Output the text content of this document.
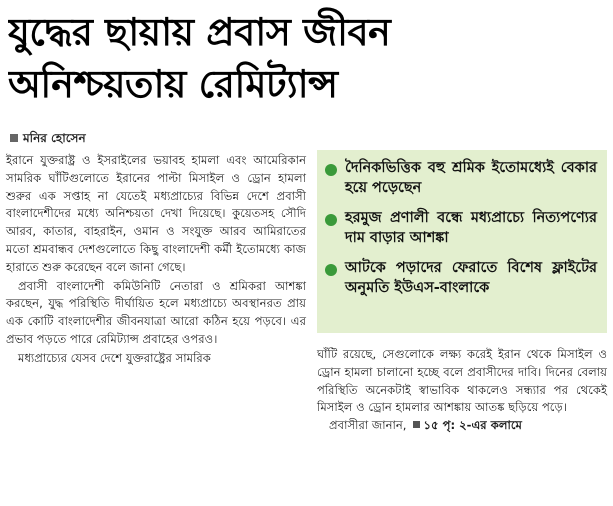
যুদ্ধের ছায়ায় প্রবাস জীবন
অনিশ্চয়তায় রেমিট্যান্স
মনির হোসেন

ইরানে যুক্তরাষ্ট্র ও ইসরাইলের ভয়াবহ হামলা এবং আমেরিকান সামরিক ঘাঁটিগুলোতে ইরানের পাল্টা মিসাইল ও ড্রোন হামলা শুরুর এক সপ্তাহ না যেতেই মধ্যপ্রাচ্যের বিভিন্ন দেশে প্রবাসী বাংলাদেশীদের মধ্যে অনিশ্চয়তা দেখা দিয়েছে। কুয়েতসহ সৌদি আরব, কাতার, বাহরাইন, ওমান ও সংযুক্ত আরব আমিরাতের মতো শ্রমবান্ধব দেশগুলোতে কিছু বাংলাদেশী কর্মী ইতোমধ্যে কাজ হারাতে শুরু করেছেন বলে জানা গেছে।

প্রবাসী বাংলাদেশী কমিউনিটি নেতারা ও শ্রমিকরা আশঙ্কা করছেন, যুদ্ধ পরিস্থিতি দীর্ঘায়িত হলে মধ্যপ্রাচ্যে অবস্থানরত প্রায় এক কোটি বাংলাদেশীর জীবনযাত্রা আরো কঠিন হয়ে পড়বে। এর প্রভাব পড়তে পারে রেমিট্যান্স প্রবাহের ওপরও।

মধ্যপ্রাচ্যের যেসব দেশে যুক্তরাষ্ট্রের সামরিক

দৈনিকভিত্তিক বহু শ্রমিক ইতোমধ্যেই বেকার হয়ে পড়েছেন
হরমুজ প্রণালী বন্ধে মধ্যপ্রাচ্যে নিত্যপণ্যের দাম বাড়ার আশঙ্কা
আটকে পড়াদের ফেরাতে বিশেষ ফ্লাইটের অনুমতি ইউএস-বাংলাকে

ঘাঁটি রয়েছে, সেগুলোকে লক্ষ্য করেই ইরান থেকে মিসাইল ও ড্রোন হামলা চালানো হচ্ছে বলে প্রবাসীদের দাবি। দিনের বেলায় পরিস্থিতি অনেকটাই স্বাভাবিক থাকলেও সন্ধ্যার পর থেকেই মিসাইল ও ড্রোন হামলার আশঙ্কায় আতঙ্ক ছড়িয়ে পড়ে।

প্রবাসীরা জানান, ১৫ পৃ: ২-এর কলামে
